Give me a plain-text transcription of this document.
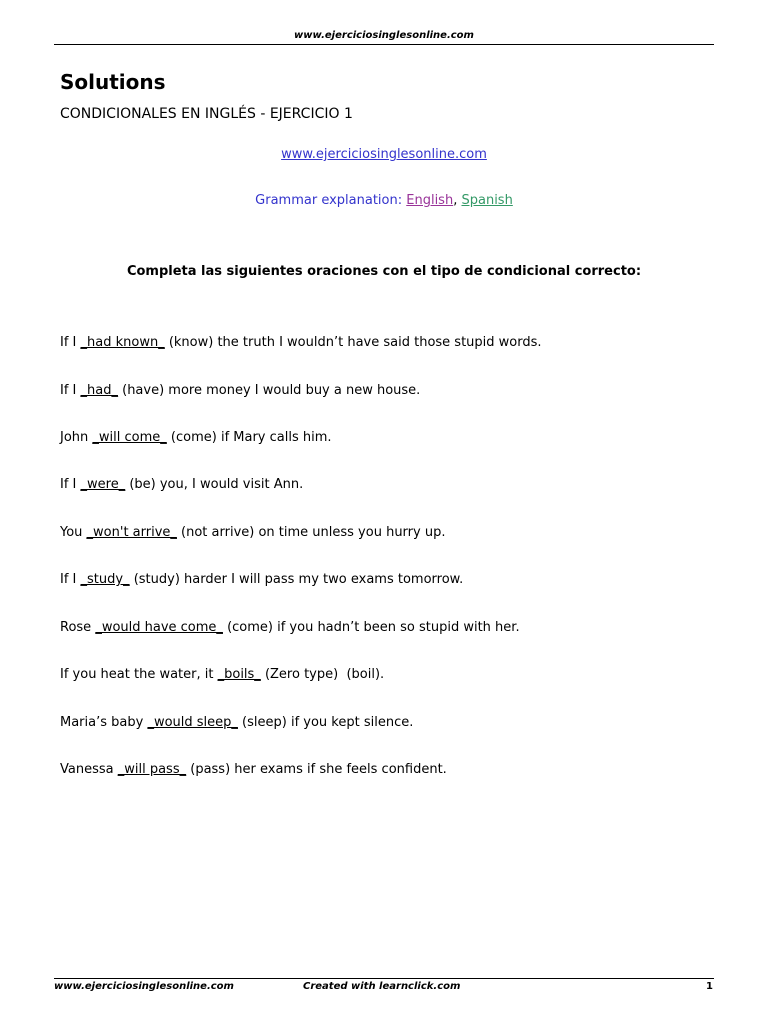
www.ejerciciosinglesonline.com
Solutions
CONDICIONALES EN INGLÉS - EJERCICIO 1
www.ejerciciosinglesonline.com
Grammar explanation: English, Spanish
Completa las siguientes oraciones con el tipo de condicional correcto:
If I _had known_ (know) the truth I wouldn’t have said those stupid words.
If I _had_ (have) more money I would buy a new house.
John _will come_ (come) if Mary calls him.
If I _were_ (be) you, I would visit Ann.
You _won't arrive_ (not arrive) on time unless you hurry up.
If I _study_ (study) harder I will pass my two exams tomorrow.
Rose _would have come_ (come) if you hadn’t been so stupid with her.
If you heat the water, it _boils_ (Zero type)  (boil).
Maria’s baby _would sleep_ (sleep) if you kept silence.
Vanessa _will pass_ (pass) her exams if she feels confident.
www.ejerciciosinglesonline.com	Created with learnclick.com	1
